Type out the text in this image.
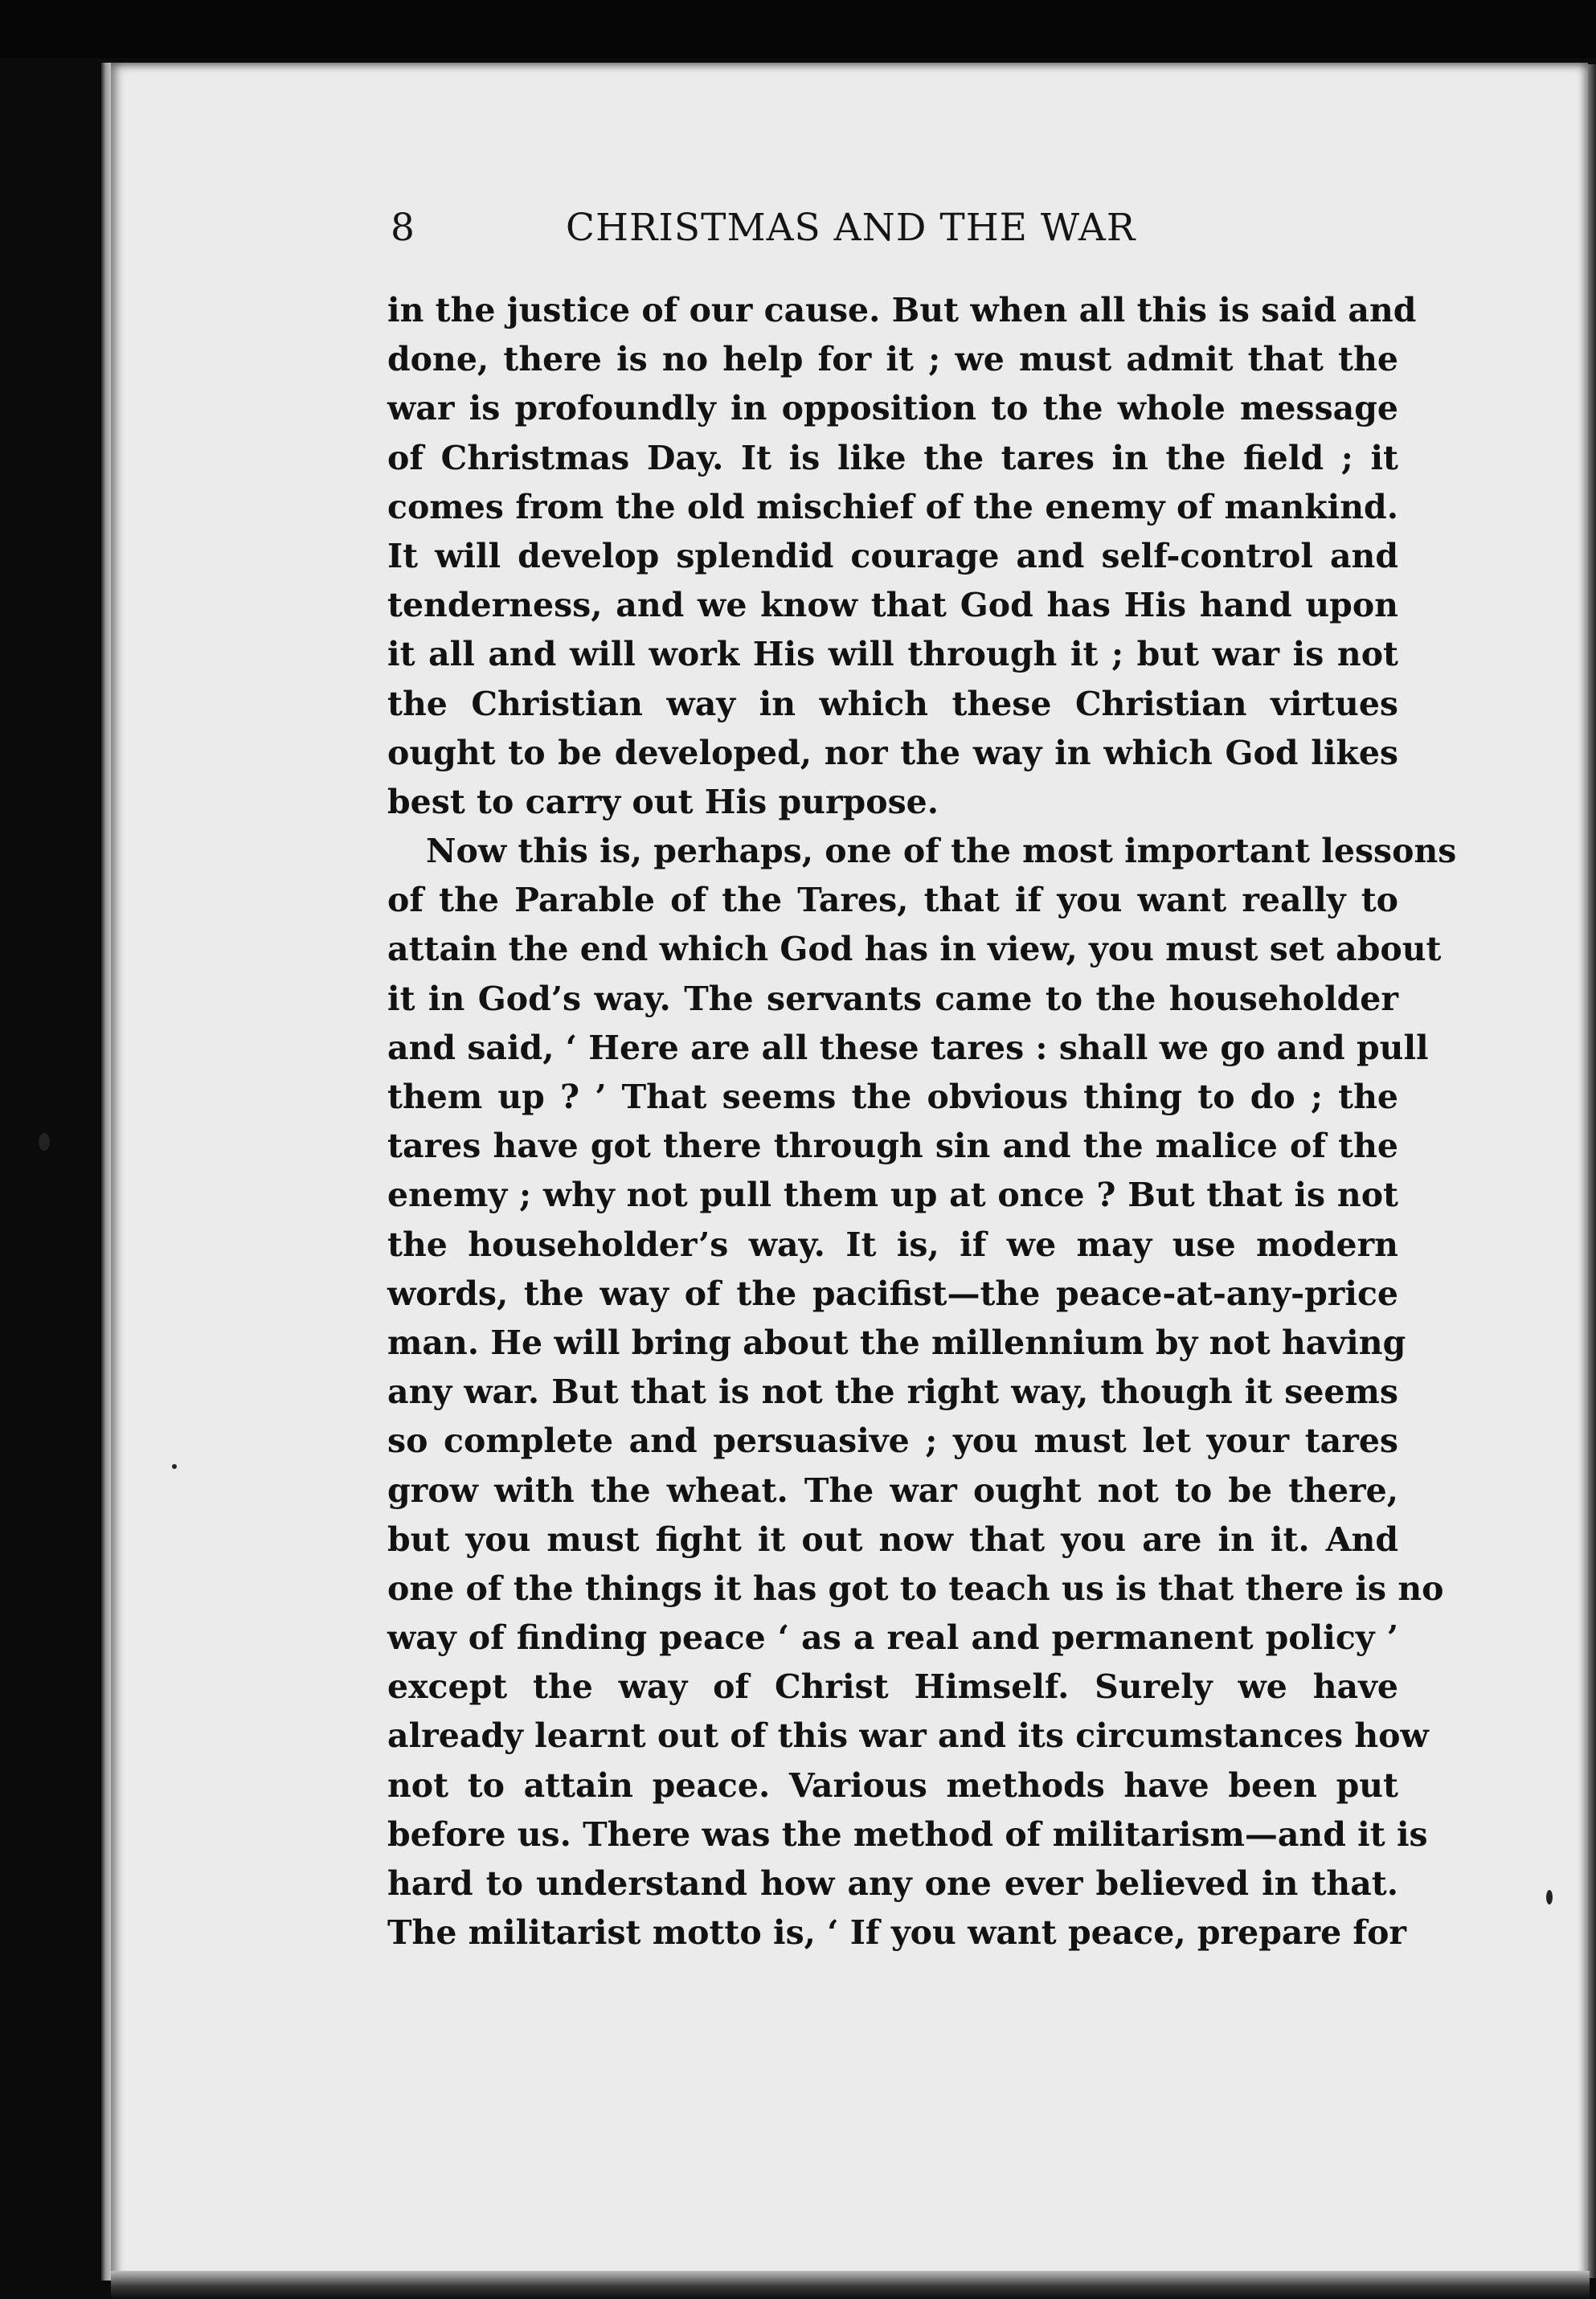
8	CHRISTMAS AND THE WAR
in the justice of our cause. But when all this is said and
done, there is no help for it ; we must admit that the
war is profoundly in opposition to the whole message
of Christmas Day. It is like the tares in the field ; it
comes from the old mischief of the enemy of mankind.
It will develop splendid courage and self-control and
tenderness, and we know that God has His hand upon
it all and will work His will through it ; but war is not
the Christian way in which these Christian virtues
ought to be developed, nor the way in which God likes
best to carry out His purpose.
Now this is, perhaps, one of the most important lessons
of the Parable of the Tares, that if you want really to
attain the end which God has in view, you must set about
it in God’s way. The servants came to the householder
and said, ‘ Here are all these tares : shall we go and pull
them up ? ’ That seems the obvious thing to do ; the
tares have got there through sin and the malice of the
enemy ; why not pull them up at once ? But that is not
the householder’s way. It is, if we may use modern
words, the way of the pacifist—the peace-at-any-price
man. He will bring about the millennium by not having
any war. But that is not the right way, though it seems
so complete and persuasive ; you must let your tares
grow with the wheat. The war ought not to be there,
but you must fight it out now that you are in it. And
one of the things it has got to teach us is that there is no
way of finding peace ‘ as a real and permanent policy ’
except the way of Christ Himself. Surely we have
already learnt out of this war and its circumstances how
not to attain peace. Various methods have been put
before us. There was the method of militarism—and it is
hard to understand how any one ever believed in that.
The militarist motto is, ‘ If you want peace, prepare for
